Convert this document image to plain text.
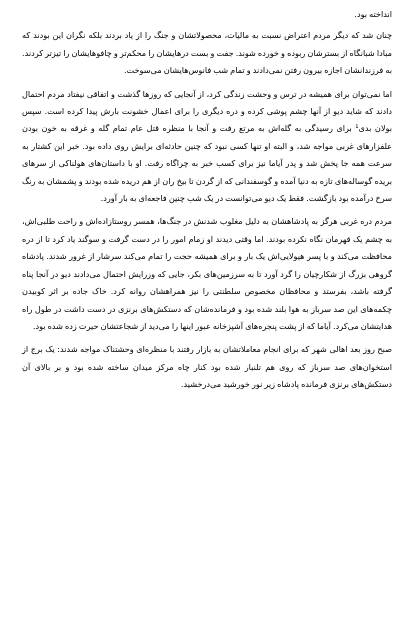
انداخته بود.

چنان شد که دیگر مردم اعتراض نسبت به مالیات، محصولاتشان و جنگ را از یاد بردند بلکه نگران این بودند که مبادا شبانگاه از بسترشان ربوده و خورده شوند. جفت و بست درهایشان را محکم‌تر و چافوهایشان را تیزتر کردند. به فرزندانشان اجازه بیرون رفتن نمی‌دادند و تمام شب فانوس‌هایشان می‌سوخت.

اما نمی‌توان برای همیشه در ترس و وحشت زندگی کرد، از آنجایی که روزها گذشت و اتفاقی نیفتاد مردم احتمال دادند که شاید دیو از آنها چشم پوشی کرده و دره دیگری را برای اعمال خشونت بارش پیدا کرده است. سپس بولان بدی¹ برای رسیدگی به گله‌اش به مرتع رفت و آنجا با منظره قتل عام تمام گله و غرقه به خون بودن علفزارهای غربی مواجه شد، و البته او تنها کسی نبود که چنین حادثه‌ای برایش روی داده بود. خبر این کشتار به سرعت همه جا پخش شد و پدر آیاما نیز برای کسب خبر به چراگاه رفت. او با داستان‌های هولناکی از سرهای بریده گوساله‌های تازه به دنیا آمده و گوسفندانی که از گردن تا بیخ ران از هم دریده شده بودند و پشمشان به رنگ سرخ درآمده بود بازگشت. فقط یک دیو می‌توانست در یک شب چنین فاجعه‌ای به بار آورد.

مردم دره غربی هرگز به پادشاهشان به دلیل مغلوب شدنش در جنگ‌ها، همسر روستازاده‌اش و راحت طلبی‌اش، به چشم یک قهرمان نگاه نکرده بودند. اما وقتی دیدند او زمام امور را در دست گرفت و سوگند یاد کرد تا از دره محافظت می‌کند و با پسر هیولایی‌اش یک بار و برای همیشه حجت را تمام می‌کند سرشار از غرور شدند. پادشاه گروهی بزرگ از شکارچیان را گرد آورد تا به سرزمین‌های بکر، جایی که وزرایش احتمال می‌دادند دیو در آنجا پناه گرفته باشد، بفرستد و محافظان مخصوص سلطنتی را نیز همراهشان روانه کرد. خاک جاده بر اثر کوبیدن چکمه‌های این صد سرباز به هوا بلند شده بود و فرمانده‌شان که دستکش‌های برنزی در دست داشت در طول راه هدایتشان می‌کرد. آیاما که از پشت پنجره‌های آشپزخانه عبور اینها را می‌دید از شجاعتشان حیرت زده شده بود.

صبح روز بعد اهالی شهر که برای انجام معاملاتشان به بازار رفتند با منظره‌ای وحشتناک مواجه شدند: یک برج از استخوان‌های صد سرباز که روی هم تلنبار شده بود کنار چاه مرکز میدان ساخته شده بود و بر بالای آن دستکش‌های برنزی فرمانده پادشاه زیر نور خورشید می‌درخشید.
